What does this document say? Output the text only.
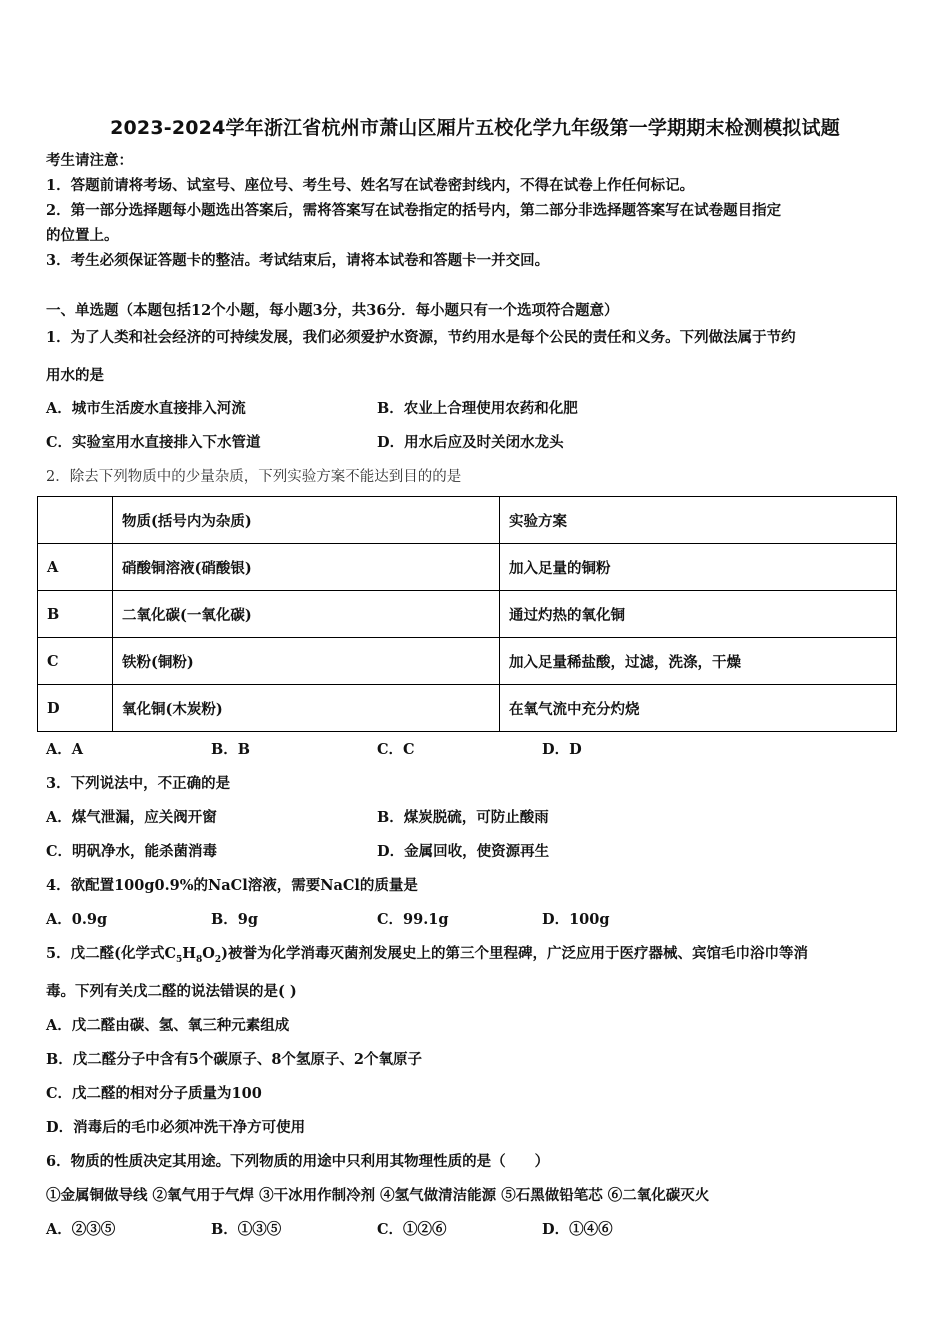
2023-2024学年浙江省杭州市萧山区厢片五校化学九年级第一学期期末检测模拟试题
考生请注意：
1．答题前请将考场、试室号、座位号、考生号、姓名写在试卷密封线内，不得在试卷上作任何标记。
2．第一部分选择题每小题选出答案后，需将答案写在试卷指定的括号内，第二部分非选择题答案写在试卷题目指定
的位置上。
3．考生必须保证答题卡的整洁。考试结束后，请将本试卷和答题卡一并交回。
一、单选题（本题包括12个小题，每小题3分，共36分．每小题只有一个选项符合题意）
1．为了人类和社会经济的可持续发展，我们必须爱护水资源，节约用水是每个公民的责任和义务。下列做法属于节约
用水的是
A．城市生活废水直接排入河流	B．农业上合理使用农药和化肥
C．实验室用水直接排入下水管道	D．用水后应及时关闭水龙头
2．除去下列物质中的少量杂质，下列实验方案不能达到目的的是
	物质(括号内为杂质)	实验方案
A	硝酸铜溶液(硝酸银)	加入足量的铜粉
B	二氧化碳(一氧化碳)	通过灼热的氧化铜
C	铁粉(铜粉)	加入足量稀盐酸，过滤，洗涤，干燥
D	氧化铜(木炭粉)	在氧气流中充分灼烧
A．A	B．B	C．C	D．D
3．下列说法中，不正确的是
A．煤气泄漏，应关阀开窗	B．煤炭脱硫，可防止酸雨
C．明矾净水，能杀菌消毒	D．金属回收，使资源再生
4．欲配置100g0.9%的NaCl溶液，需要NaCl的质量是
A．0.9g	B．9g	C．99.1g	D．100g
5．戊二醛(化学式$C_5H_8O_2$)被誉为化学消毒灭菌剂发展史上的第三个里程碑，广泛应用于医疗器械、宾馆毛巾浴巾等消
毒。下列有关戊二醛的说法错误的是( )
A．戊二醛由碳、氢、氧三种元素组成
B．戊二醛分子中含有5个碳原子、8个氢原子、2个氧原子
C．戊二醛的相对分子质量为100
D．消毒后的毛巾必须冲洗干净方可使用
6．物质的性质决定其用途。下列物质的用途中只利用其物理性质的是（　　）
①金属铜做导线 ②氧气用于气焊 ③干冰用作制冷剂 ④氢气做清洁能源 ⑤石黑做铅笔芯 ⑥二氧化碳灭火
A．②③⑤	B．①③⑤	C．①②⑥	D．①④⑥
